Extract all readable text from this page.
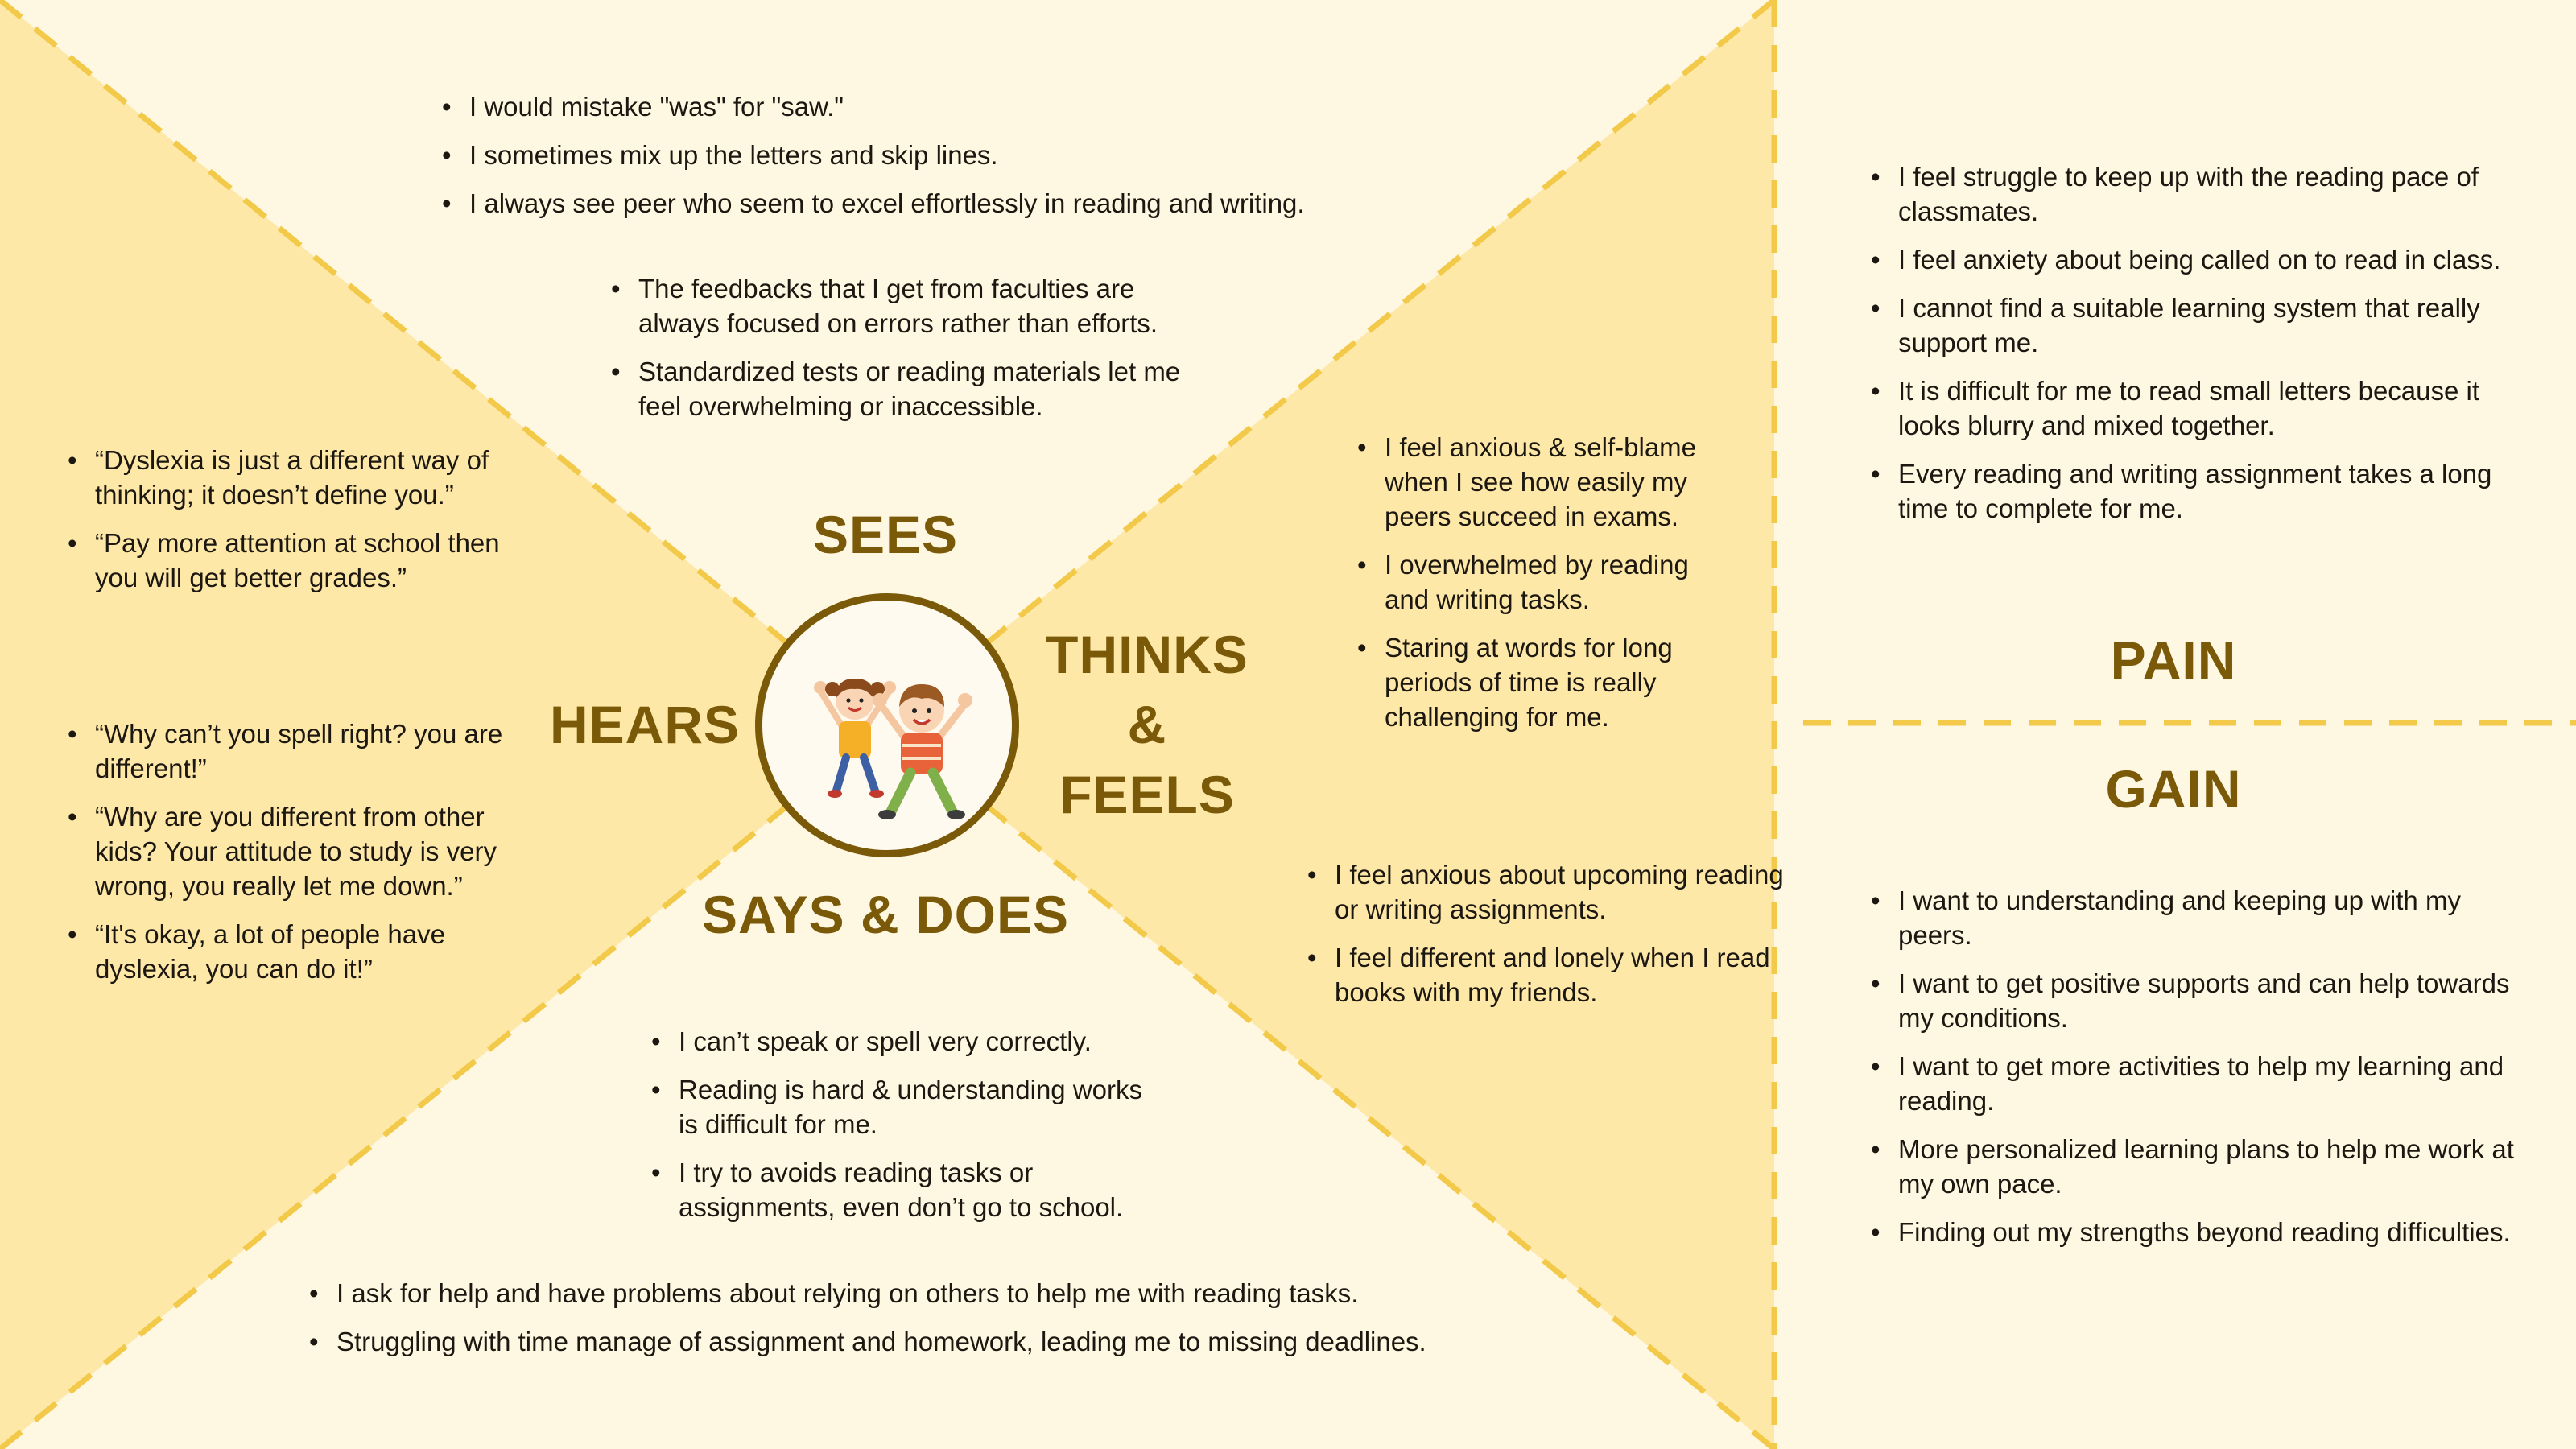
SEES
HEARS
THINKS
&
FEELS
SAYS & DOES
PAIN
GAIN
• I would mistake "was" for "saw."
• I sometimes mix up the letters and skip lines.
• I always see peer who seem to excel effortlessly in reading and writing.
• The feedbacks that I get from faculties are always focused on errors rather than efforts.
• Standardized tests or reading materials let me feel overwhelming or inaccessible.
• “Dyslexia is just a different way of thinking; it doesn’t define you.”
• “Pay more attention at school then you will get better grades.”
• “Why can’t you spell right? you are different!”
• “Why are you different from other kids? Your attitude to study is very wrong, you really let me down.”
• “It's okay, a lot of people have dyslexia, you can do it!”
• I feel anxious & self-blame when I see how easily my peers succeed in exams.
• I overwhelmed by reading and writing tasks.
• Staring at words for long periods of time is really challenging for me.
• I feel anxious about upcoming reading or writing assignments.
• I feel different and lonely when I read books with my friends.
• I can’t speak or spell very correctly.
• Reading is hard & understanding works is difficult for me.
• I try to avoids reading tasks or assignments, even don’t go to school.
• I ask for help and have problems about relying on others to help me with reading tasks.
• Struggling with time manage of assignment and homework, leading me to missing deadlines.
• I feel struggle to keep up with the reading pace of classmates.
• I feel anxiety about being called on to read in class.
• I cannot find a suitable learning system that really support me.
• It is difficult for me to read small letters because it looks blurry and mixed together.
• Every reading and writing assignment takes a long time to complete for me.
• I want to understanding and keeping up with my peers.
• I want to get positive supports and can help towards my conditions.
• I want to get more activities to help my learning and reading.
• More personalized learning plans to help me work at my own pace.
• Finding out my strengths beyond reading difficulties.
